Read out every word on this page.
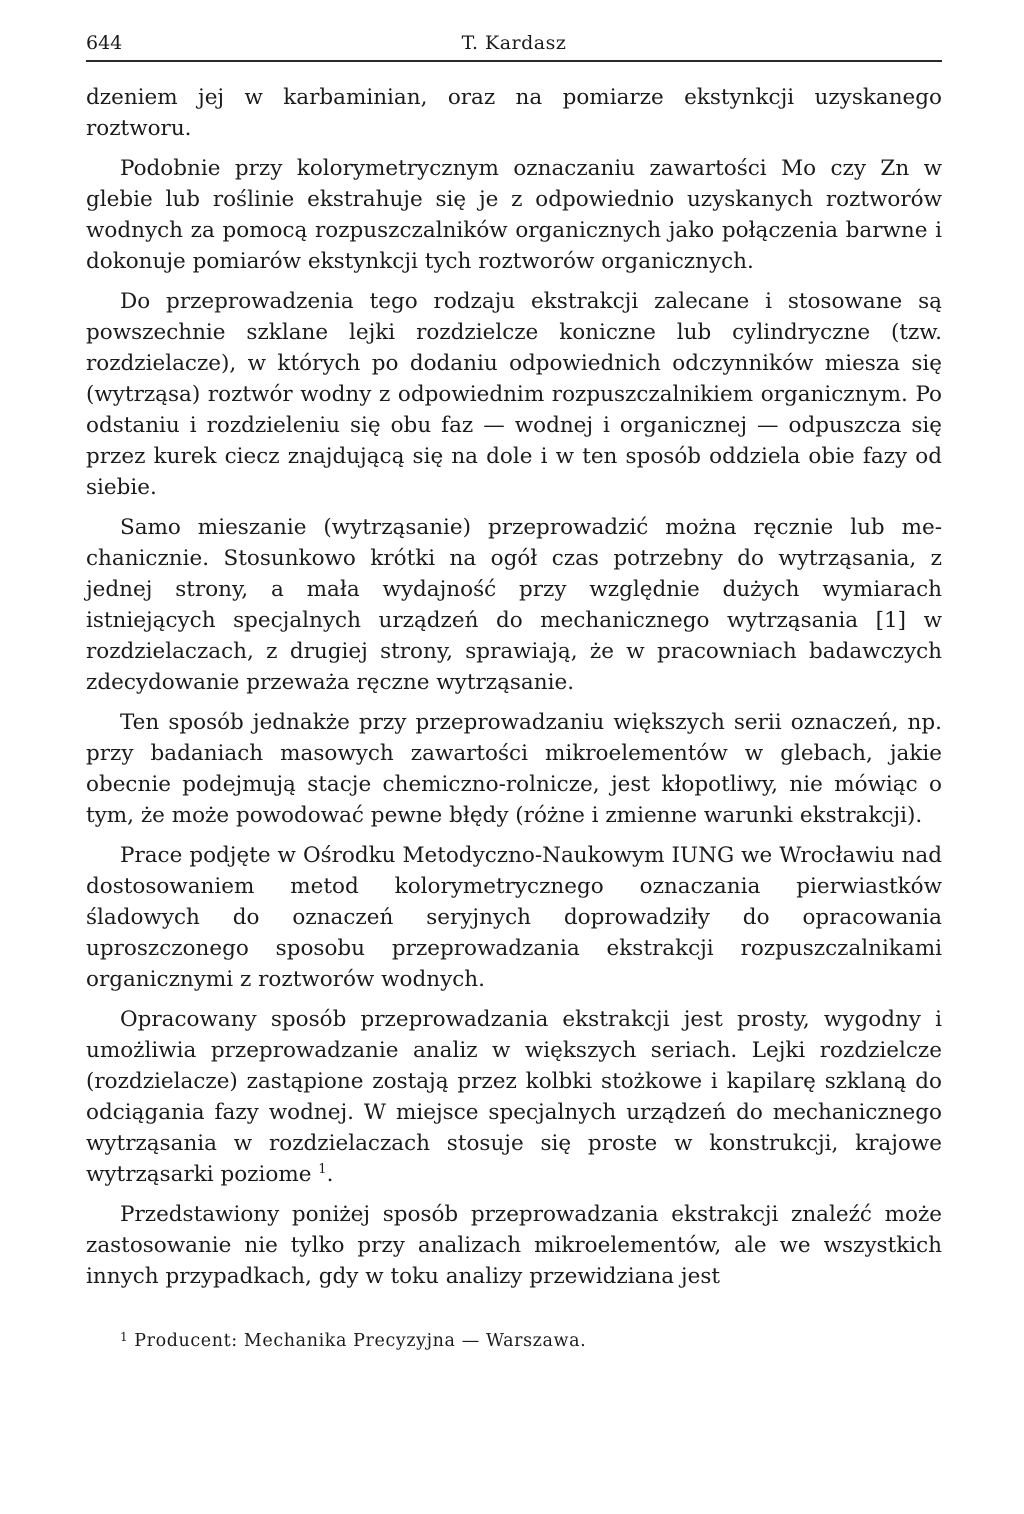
644	T. Kardasz

dzeniem jej w karbaminian, oraz na pomiarze ekstynkcji uzyskanego roztworu.

Podobnie przy kolorymetrycznym oznaczaniu zawartości Mo czy Zn w glebie lub roślinie ekstrahuje się je z odpowiednio uzyskanych roztworów wodnych za pomocą rozpuszczalników organicznych jako połączenia barwne i dokonuje pomiarów ekstynkcji tych roztworów organicznych.

Do przeprowadzenia tego rodzaju ekstrakcji zalecane i stosowane są powszechnie szklane lejki rozdzielcze koniczne lub cylindryczne (tzw. rozdzielacze), w których po dodaniu odpowiednich odczynników miesza się (wytrząsa) roztwór wodny z odpowiednim rozpuszczalnikiem organicznym. Po odstaniu i rozdzieleniu się obu faz — wodnej i organicznej — odpuszcza się przez kurek ciecz znajdującą się na dole i w ten sposób oddziela obie fazy od siebie.

Samo mieszanie (wytrząsanie) przeprowadzić można ręcznie lub mechanicznie. Stosunkowo krótki na ogół czas potrzebny do wytrząsania, z jednej strony, a mała wydajność przy względnie dużych wymiarach istniejących specjalnych urządzeń do mechanicznego wytrząsania [1] w rozdzielaczach, z drugiej strony, sprawiają, że w pracowniach badawczych zdecydowanie przeważa ręczne wytrząsanie.

Ten sposób jednakże przy przeprowadzaniu większych serii oznaczeń, np. przy badaniach masowych zawartości mikroelementów w glebach, jakie obecnie podejmują stacje chemiczno-rolnicze, jest kłopotliwy, nie mówiąc o tym, że może powodować pewne błędy (różne i zmienne warunki ekstrakcji).

Prace podjęte w Ośrodku Metodyczno-Naukowym IUNG we Wrocławiu nad dostosowaniem metod kolorymetrycznego oznaczania pierwiastków śladowych do oznaczeń seryjnych doprowadziły do opracowania uproszczonego sposobu przeprowadzania ekstrakcji rozpuszczalnikami organicznymi z roztworów wodnych.

Opracowany sposób przeprowadzania ekstrakcji jest prosty, wygodny i umożliwia przeprowadzanie analiz w większych seriach. Lejki rozdzielcze (rozdzielacze) zastąpione zostają przez kolbki stożkowe i kapilarę szklaną do odciągania fazy wodnej. W miejsce specjalnych urządzeń do mechanicznego wytrząsania w rozdzielaczach stosuje się proste w konstrukcji, krajowe wytrząsarki poziome $^1$.

Przedstawiony poniżej sposób przeprowadzania ekstrakcji znaleźć może zastosowanie nie tylko przy analizach mikroelementów, ale we wszystkich innych przypadkach, gdy w toku analizy przewidziana jest

$^1$ Producent: Mechanika Precyzyjna — Warszawa.
